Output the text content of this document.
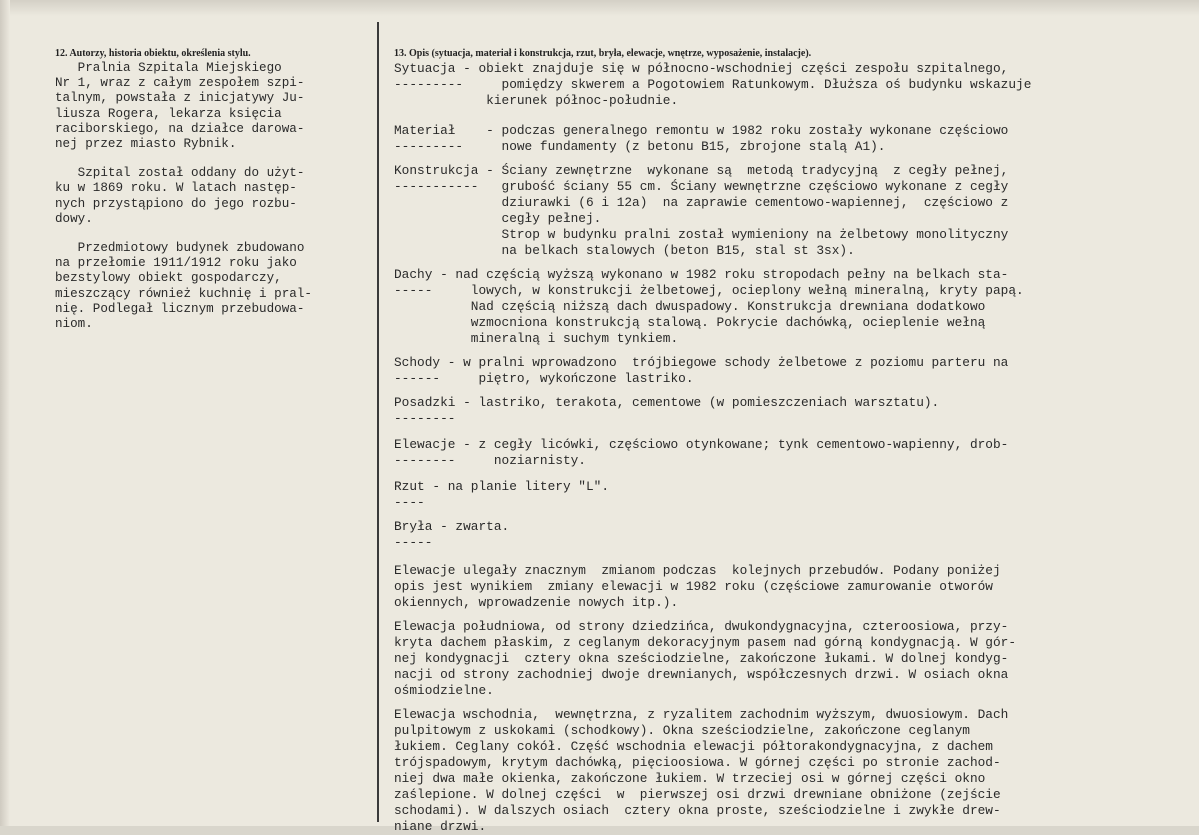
12. Autorzy, historia obiektu, określenia stylu.
Pralnia Szpitala Miejskiego
Nr 1, wraz z całym zespołem szpi-
talnym, powstała z inicjatywy Ju-
liusza Rogera, lekarza księcia
raciborskiego, na działce darowa-
nej przez miasto Rybnik.
Szpital został oddany do użyt-
ku w 1869 roku. W latach następ-
nych przystąpiono do jego rozbu-
dowy.
Przedmiotowy budynek zbudowano
na przełomie 1911/1912 roku jako
bezstylowy obiekt gospodarczy,
mieszczący również kuchnię i pral-
nię. Podlegał licznym przebudowa-
niom.
13. Opis (sytuacja, materiał i konstrukcja, rzut, bryła, elewacje, wnętrze, wyposażenie, instalacje).
Sytuacja - obiekt znajduje się w północno-wschodniej części zespołu szpitalnego,
---------     pomiędzy skwerem a Pogotowiem Ratunkowym. Dłuższa oś budynku wskazuje
kierunek północ-południe.
Materiał    - podczas generalnego remontu w 1982 roku zostały wykonane częściowo
---------     nowe fundamenty (z betonu B15, zbrojone stalą A1).
Konstrukcja - Ściany zewnętrzne  wykonane są  metodą tradycyjną  z cegły pełnej,
-----------   grubość ściany 55 cm. Ściany wewnętrzne częściowo wykonane z cegły
dziurawki (6 i 12a)  na zaprawie cementowo-wapiennej,  częściowo z
cegły pełnej.
Strop w budynku pralni został wymieniony na żelbetowy monolityczny
na belkach stalowych (beton B15, stal st 3sx).
Dachy - nad częścią wyższą wykonano w 1982 roku stropodach pełny na belkach sta-
-----     lowych, w konstrukcji żelbetowej, ocieplony wełną mineralną, kryty papą.
Nad częścią niższą dach dwuspadowy. Konstrukcja drewniana dodatkowo
wzmocniona konstrukcją stalową. Pokrycie dachówką, ocieplenie wełną
mineralną i suchym tynkiem.
Schody - w pralni wprowadzono  trójbiegowe schody żelbetowe z poziomu parteru na
------     piętro, wykończone lastriko.
Posadzki - lastriko, terakota, cementowe (w pomieszczeniach warsztatu).
--------
Elewacje - z cegły licówki, częściowo otynkowane; tynk cementowo-wapienny, drob-
--------     noziarnisty.
Rzut - na planie litery "L".
----
Bryła - zwarta.
-----
Elewacje ulegały znacznym  zmianom podczas  kolejnych przebudów. Podany poniżej
opis jest wynikiem  zmiany elewacji w 1982 roku (częściowe zamurowanie otworów
okiennych, wprowadzenie nowych itp.).
Elewacja południowa, od strony dziedzińca, dwukondygnacyjna, czteroosiowa, przy-
kryta dachem płaskim, z ceglanym dekoracyjnym pasem nad górną kondygnacją. W gór-
nej kondygnacji  cztery okna sześciodzielne, zakończone łukami. W dolnej kondyg-
nacji od strony zachodniej dwoje drewnianych, współczesnych drzwi. W osiach okna
ośmiodzielne.
Elewacja wschodnia,  wewnętrzna, z ryzalitem zachodnim wyższym, dwuosiowym. Dach
pulpitowym z uskokami (schodkowy). Okna sześciodzielne, zakończone ceglanym
łukiem. Ceglany cokół. Część wschodnia elewacji półtorakondygnacyjna, z dachem
trójspadowym, krytym dachówką, pięcioosiowa. W górnej części po stronie zachod-
niej dwa małe okienka, zakończone łukiem. W trzeciej osi w górnej części okno
zaślepione. W dolnej części  w  pierwszej osi drzwi drewniane obniżone (zejście
schodami). W dalszych osiach  cztery okna proste, sześciodzielne i zwykłe drew-
niane drzwi.
